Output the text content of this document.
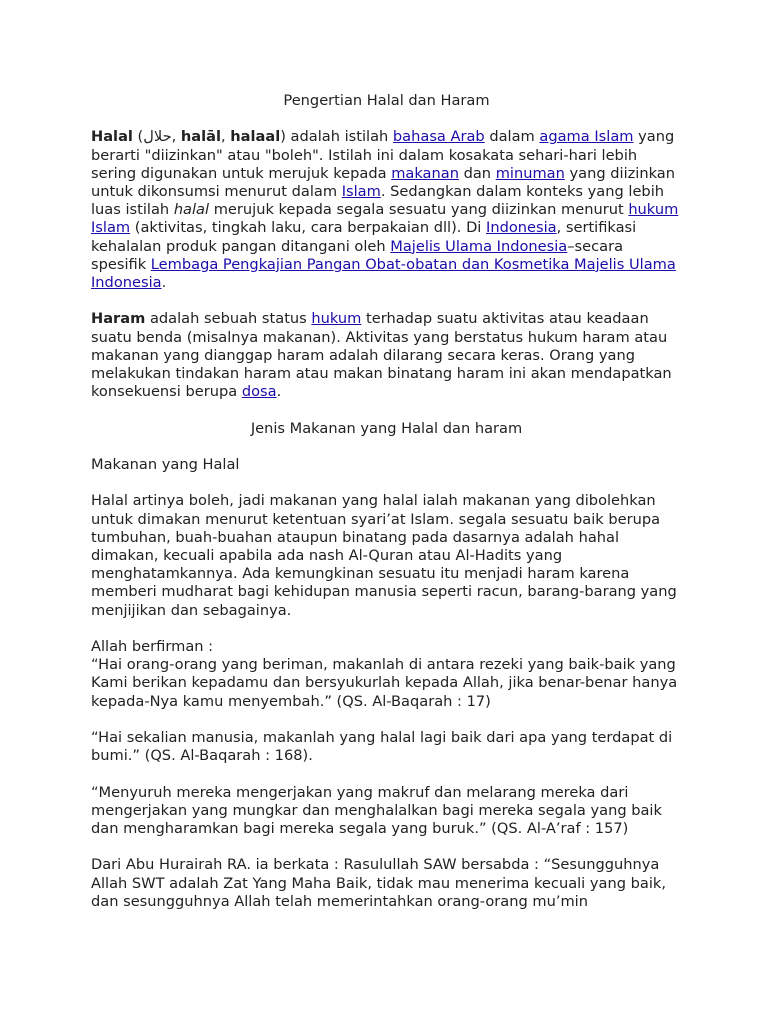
Pengertian Halal dan Haram

Halal (حلال, halāl, halaal) adalah istilah bahasa Arab dalam agama Islam yang berarti "diizinkan" atau "boleh". Istilah ini dalam kosakata sehari-hari lebih sering digunakan untuk merujuk kepada makanan dan minuman yang diizinkan untuk dikonsumsi menurut dalam Islam. Sedangkan dalam konteks yang lebih luas istilah halal merujuk kepada segala sesuatu yang diizinkan menurut hukum Islam (aktivitas, tingkah laku, cara berpakaian dll). Di Indonesia, sertifikasi kehalalan produk pangan ditangani oleh Majelis Ulama Indonesia–secara spesifik Lembaga Pengkajian Pangan Obat-obatan dan Kosmetika Majelis Ulama Indonesia.

Haram adalah sebuah status hukum terhadap suatu aktivitas atau keadaan suatu benda (misalnya makanan). Aktivitas yang berstatus hukum haram atau makanan yang dianggap haram adalah dilarang secara keras. Orang yang melakukan tindakan haram atau makan binatang haram ini akan mendapatkan konsekuensi berupa dosa.

Jenis Makanan yang Halal dan haram
Makanan yang Halal

Halal artinya boleh, jadi makanan yang halal ialah makanan yang dibolehkan untuk dimakan menurut ketentuan syari’at Islam. segala sesuatu baik berupa tumbuhan, buah-buahan ataupun binatang pada dasarnya adalah hahal dimakan, kecuali apabila ada nash Al-Quran atau Al-Hadits yang menghatamkannya. Ada kemungkinan sesuatu itu menjadi haram karena memberi mudharat bagi kehidupan manusia seperti racun, barang-barang yang menjijikan dan sebagainya.

Allah berfirman :

“Hai orang-orang yang beriman, makanlah di antara rezeki yang baik-baik yang Kami berikan kepadamu dan bersyukurlah kepada Allah, jika benar-benar hanya kepada-Nya kamu menyembah.” (QS. Al-Baqarah : 17)

“Hai sekalian manusia, makanlah yang halal lagi baik dari apa yang terdapat di bumi.” (QS. Al-Baqarah : 168).

“Menyuruh mereka mengerjakan yang makruf dan melarang mereka dari mengerjakan yang mungkar dan menghalalkan bagi mereka segala yang baik dan mengharamkan bagi mereka segala yang buruk.” (QS. Al-A’raf : 157)

Dari Abu Hurairah RA. ia berkata : Rasulullah SAW bersabda : “Sesungguhnya Allah SWT adalah Zat Yang Maha Baik, tidak mau menerima kecuali yang baik, dan sesungguhnya Allah telah memerintahkan orang-orang mu’min
